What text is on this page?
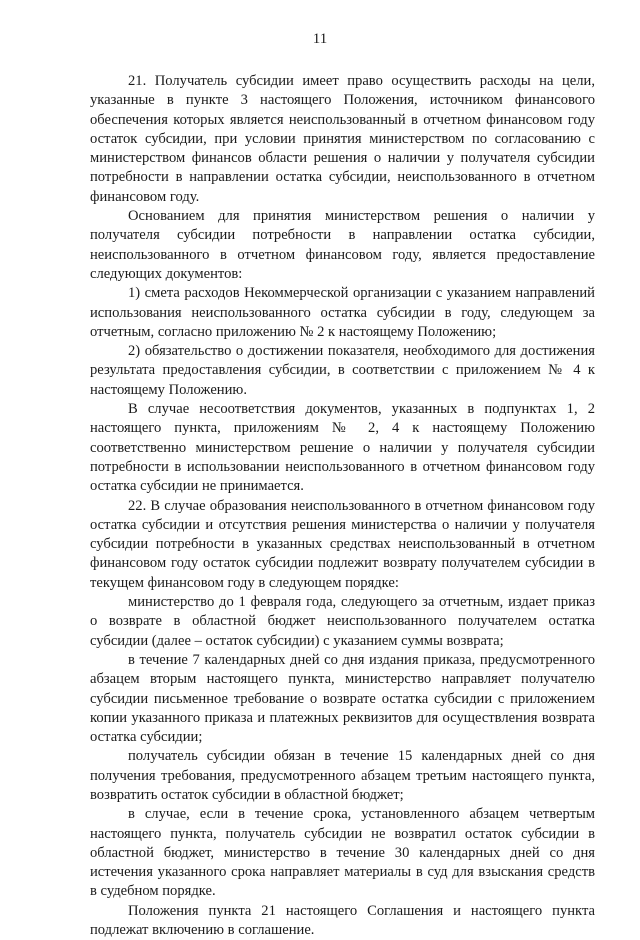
11

21. Получатель субсидии имеет право осуществить расходы на цели, указанные в пункте 3 настоящего Положения, источником финансового обеспечения которых является неиспользованный в отчетном финансовом году остаток субсидии, при условии принятия министерством по согласованию с министерством финансов области решения о наличии у получателя субсидии потребности в направлении остатка субсидии, неиспользованного в отчетном финансовом году.

Основанием для принятия министерством решения о наличии у получателя субсидии потребности в направлении остатка субсидии, неиспользованного в отчетном финансовом году, является предоставление следующих документов:

1) смета расходов Некоммерческой организации с указанием направлений использования неиспользованного остатка субсидии в году, следующем за отчетным, согласно приложению № 2 к настоящему Положению;

2) обязательство о достижении показателя, необходимого для достижения результата предоставления субсидии, в соответствии с приложением № 4 к настоящему Положению.

В случае несоответствия документов, указанных в подпунктах 1, 2 настоящего пункта, приложениям № 2, 4 к настоящему Положению соответственно министерством решение о наличии у получателя субсидии потребности в использовании неиспользованного в отчетном финансовом году остатка субсидии не принимается.

22. В случае образования неиспользованного в отчетном финансовом году остатка субсидии и отсутствия решения министерства о наличии у получателя субсидии потребности в указанных средствах неиспользованный в отчетном финансовом году остаток субсидии подлежит возврату получателем субсидии в текущем финансовом году в следующем порядке:

министерство до 1 февраля года, следующего за отчетным, издает приказ о возврате в областной бюджет неиспользованного получателем остатка субсидии (далее – остаток субсидии) с указанием суммы возврата;

в течение 7 календарных дней со дня издания приказа, предусмотренного абзацем вторым настоящего пункта, министерство направляет получателю субсидии письменное требование о возврате остатка субсидии с приложением копии указанного приказа и платежных реквизитов для осуществления возврата остатка субсидии;

получатель субсидии обязан в течение 15 календарных дней со дня получения требования, предусмотренного абзацем третьим настоящего пункта, возвратить остаток субсидии в областной бюджет;

в случае, если в течение срока, установленного абзацем четвертым настоящего пункта, получатель субсидии не возвратил остаток субсидии в областной бюджет, министерство в течение 30 календарных дней со дня истечения указанного срока направляет материалы в суд для взыскания средств в судебном порядке.

Положения пункта 21 настоящего Соглашения и настоящего пункта подлежат включению в соглашение.
